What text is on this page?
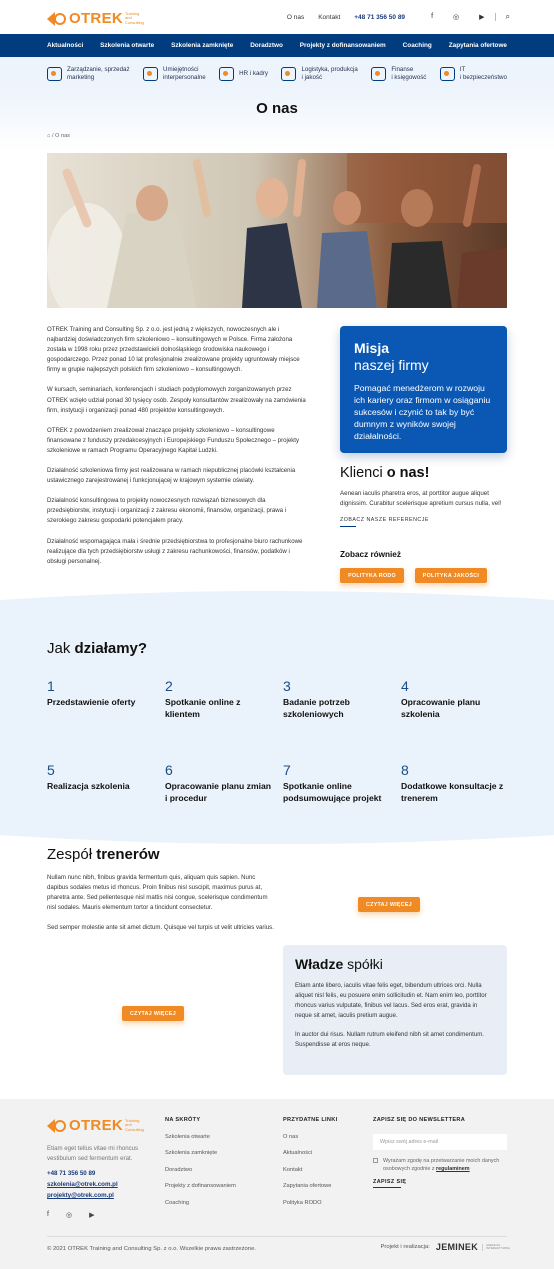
OTREK Training and Consulting
O nas Kontakt +48 71 356 50 89	f	◎	▶	⌕
Aktualności	Szkolenia otwarte	Szkolenia zamknięte	Doradztwo	Projekty z dofinansowaniem	Coaching	Zapytania ofertowe
Zarządzanie, sprzedaż
marketing
Umiejętności
interpersonalne
HR i kadry
Logistyka, produkcja
i jakość
Finanse
i księgowość
IT
i bezpieczeństwo
O nas
⌂ / O nas

OTREK Training and Consulting Sp. z o.o. jest jedną z większych, nowoczesnych ale i najbardziej doświadczonych firm szkoleniowo – konsultingowych w Polsce. Firma założona została w 1998 roku przez przedstawicieli dolnośląskiego środowiska naukowego i gospodarczego. Przez ponad 10 lat profesjonalnie zrealizowane projekty ugruntowały miejsce firmy w grupie najlepszych polskich firm szkoleniowo – konsultingowych.

W kursach, seminariach, konferencjach i studiach podyplomowych zorganizowanych przez OTREK wzięło udział ponad 30 tysięcy osób. Zespoły konsultantów zrealizowały na zamówienia firm, instytucji i organizacji ponad 480 projektów konsultingowych.

OTREK z powodzeniem zrealizował znaczące projekty szkoleniowo – konsultingowe finansowane z funduszy przedakcesyjnych i Europejskiego Funduszu Społecznego – projekty szkoleniowe w ramach Programu Operacyjnego Kapitał Ludzki.

Działalność szkoleniowa firmy jest realizowana w ramach niepublicznej placówki kształcenia ustawicznego zarejestrowanej i funkcjonującej w krajowym systemie oświaty.

Działalność konsultingowa to projekty nowoczesnych rozwiązań biznesowych dla przedsiębiorstw, instytucji i organizacji z zakresu ekonomii, finansów, organizacji, prawa i szerokiego zakresu gospodarki potencjałem pracy.

Działalność wspomagająca mała i średnie przedsiębiorstwa to profesjonalne biuro rachunkowe realizujące dla tych przedsiębiorstw usługi z zakresu rachunkowości, finansów, podatków i obsługi personalnej.

Misja
naszej firmy
Pomagać menedżerom w rozwoju ich kariery oraz firmom w osiąganiu sukcesów i czynić to tak by być dumnym z wyników swojej działalności.
Klienci o nas!

Aenean iaculis pharetra eros, at porttitor augue aliquet dignissim. Curabitur scelerisque apretium cursus nulla, vel!

ZOBACZ NASZE REFERENCJE
Zobacz również
POLITYKA RODO	POLITYKA JAKOŚCI
Jak działamy?
1
Przedstawienie oferty
2
Spotkanie online z klientem
3
Badanie potrzeb szkoleniowych
4
Opracowanie planu szkolenia
5
Realizacja szkolenia
6
Opracowanie planu zmian i procedur
7
Spotkanie online podsumowujące projekt
8
Dodatkowe konsultacje z trenerem
Zespół trenerów

Nullam nunc nibh, finibus gravida fermentum quis, aliquam quis sapien. Nunc dapibus sodales metus id rhoncus. Proin finibus nisl suscipit, maximus purus at, pharetra ante. Sed pellentesque nisl mattis nisi congue, scelerisque condimentum nisl sodales. Mauris elementum tortor a tincidunt consectetur.

Sed semper molestie ante sit amet dictum. Quisque vel turpis ut velit ultricies varius.

CZYTAJ WIĘCEJ
CZYTAJ WIĘCEJ
Władze spółki

Etiam ante libero, iaculis vitae felis eget, bibendum ultrices orci. Nulla aliquet nisl felis, eu posuere enim sollicitudin et. Nam enim leo, porttitor rhoncus varius vulputate, finibus vel lacus. Sed eros erat, gravida in neque sit amet, iaculis pretium augue.

In auctor dui risus. Nullam rutrum eleifend nibh sit amet condimentum. Suspendisse at eros neque.

OTREK Training and Consulting
Etiam eget tellus vitae mi rhoncus vestibulum sed fermentum erat.
+48 71 356 50 89
szkolenia@otrek.com.pl
projekty@otrek.com.pl
f ◎ ▶
NA SKRÓTY
Szkolenia otwarte
Szkolenia zamknięte
Doradztwo
Projekty z dofinansowaniem
Coaching
PRZYDATNE LINKI
O nas
Aktualności
Kontakt
Zapytania ofertowe
Polityka RODO
ZAPISZ SIĘ DO NEWSLETTERA
Wpisz swój adres e-mail
Wyrażam zgodę na przetwarzanie moich danych osobowych zgodnie z regulaminem
ZAPISZ SIĘ
© 2021 OTREK Training and Consulting Sp. z o.o. Wszelkie prawa zastrzeżone.	Projekt i realizacja: JEMINEK	AGENCJA INTERAKTYWNA
